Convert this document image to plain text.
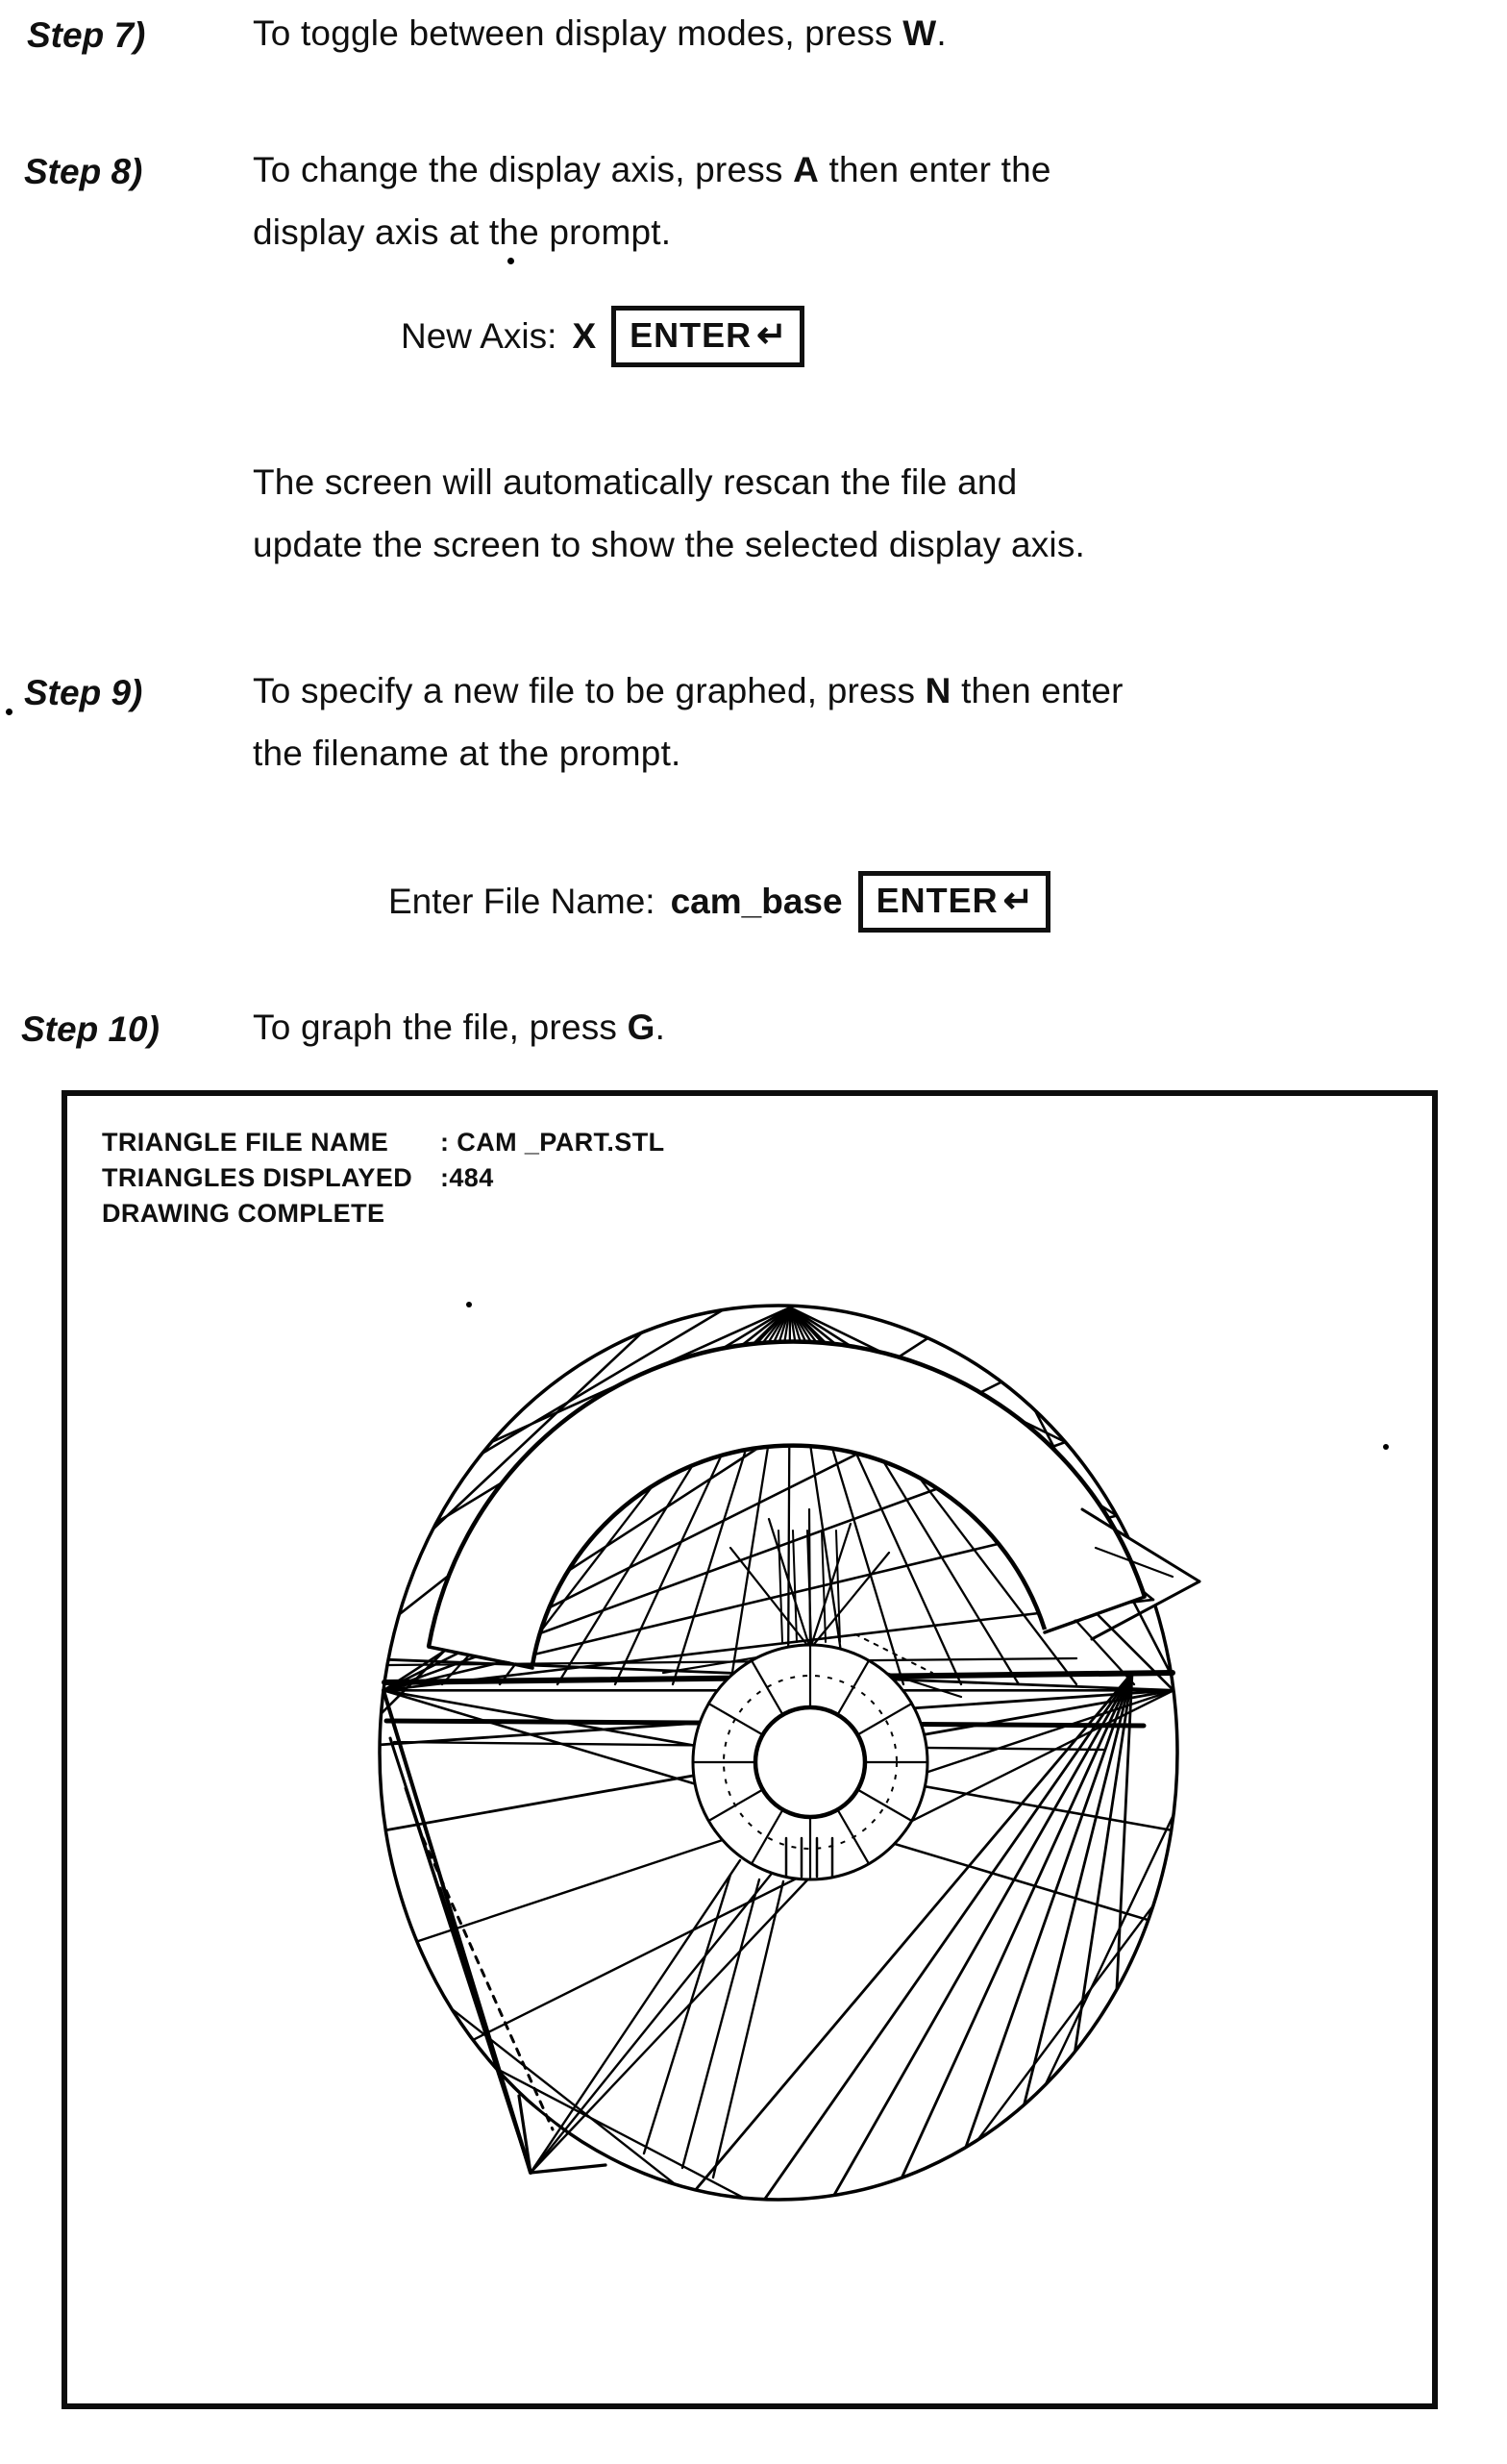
Step 7)	To toggle between display modes, press W.
Step 8)	To change the display axis, press A then enter the
display axis at the prompt.
New Axis: X ENTER ↵
The screen will automatically rescan the file and
update the screen to show the selected display axis.
Step 9)	To specify a new file to be graphed, press N then enter
the filename at the prompt.
Enter File Name: cam_base ENTER ↵
Step 10)	To graph the file, press G.
TRIANGLE FILE NAME : CAM _PART.STL
TRIANGLES DISPLAYED :484
DRAWING COMPLETE
